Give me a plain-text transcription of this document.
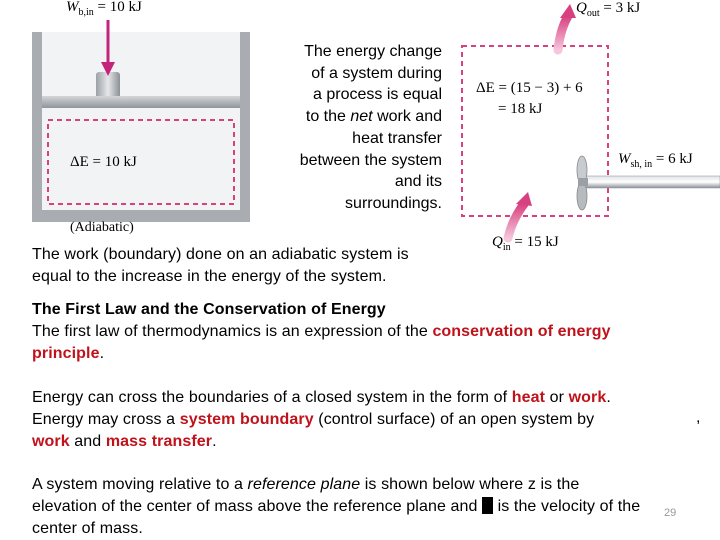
$W_{b,in} = 10$ kJ
ΔE = 10 kJ
(Adiabatic)
$Q_{out} = 3$ kJ
ΔE = (15 − 3) + 6
= 18 kJ
$W_{sh, in} = 6$ kJ
$Q_{in} = 15$ kJ
The energy change
of a system during
a process is equal
to the net work and
heat transfer
between the system
and its
surroundings.
The work (boundary) done on an adiabatic system is
equal to the increase in the energy of the system.
The First Law and the Conservation of Energy
The first law of thermodynamics is an expression of the conservation of energy
principle.
Energy can cross the boundaries of a closed system in the form of heat or work.
Energy may cross a system boundary (control surface) of an open system by
work and mass transfer.
,
A system moving relative to a reference plane is shown below where z is the
elevation of the center of mass above the reference plane and is the velocity of the
center of mass.
29
